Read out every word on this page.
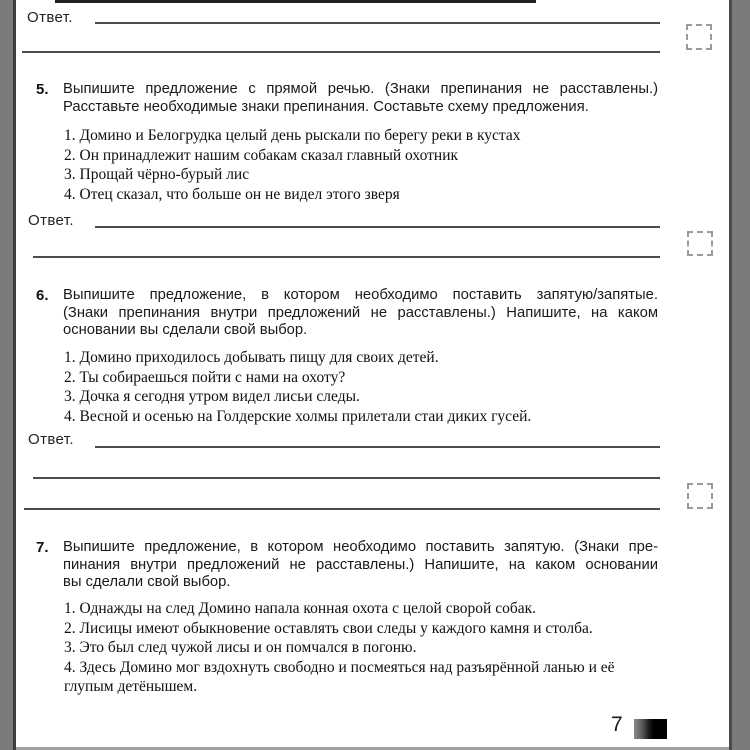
Ответ.
5. Выпишите предложение с прямой речью. (Знаки препинания не расставлены.)
Расставьте необходимые знаки препинания. Составьте схему предложения.
1. Домино и Белогрудка целый день рыскали по берегу реки в кустах
2. Он принадлежит нашим собакам сказал главный охотник
3. Прощай чёрно-бурый лис
4. Отец сказал, что больше он не видел этого зверя
Ответ.
6. Выпишите предложение, в котором необходимо поставить запятую/запятые.
(Знаки препинания внутри предложений не расставлены.) Напишите, на каком
основании вы сделали свой выбор.
1. Домино приходилось добывать пищу для своих детей.
2. Ты собираешься пойти с нами на охоту?
3. Дочка я сегодня утром видел лисьи следы.
4. Весной и осенью на Голдерские холмы прилетали стаи диких гусей.
Ответ.
7. Выпишите предложение, в котором необходимо поставить запятую. (Знаки пре-
пинания внутри предложений не расставлены.) Напишите, на каком основании
вы сделали свой выбор.
1. Однажды на след Домино напала конная охота с целой сворой собак.
2. Лисицы имеют обыкновение оставлять свои следы у каждого камня и столба.
3. Это был след чужой лисы и он помчался в погоню.
4. Здесь Домино мог вздохнуть свободно и посмеяться над разъярённой ланью и её глупым детёнышем.
7
